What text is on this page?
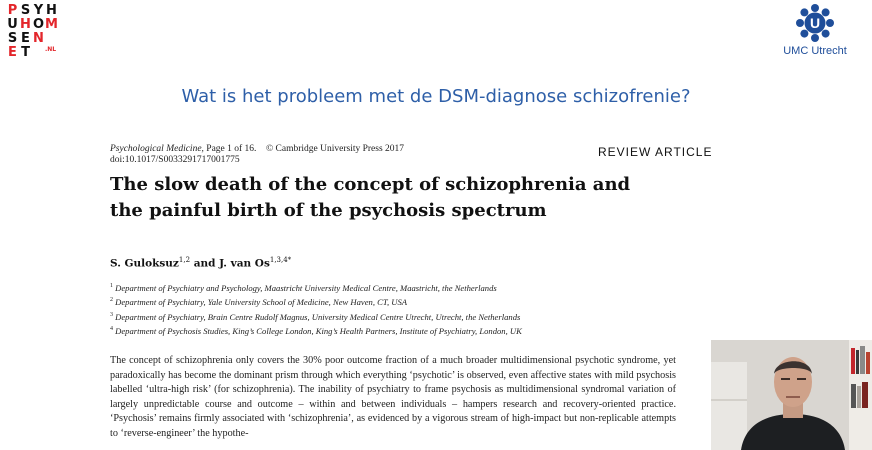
P S Y H
U H O M
S E N
E T	.NL
U
UMC Utrecht
Wat is het probleem met de DSM-diagnose schizofrenie?
Psychological Medicine, Page 1 of 16. © Cambridge University Press 2017
doi:10.1017/S0033291717001775
REVIEW ARTICLE
The slow death of the concept of schizophrenia and
the painful birth of the psychosis spectrum
S. Guloksuz$^{1,2}$ and J. van $Os^{1,3,4*}$
$^1$ Department of Psychiatry and Psychology, Maastricht University Medical Centre, Maastricht, the Netherlands
$^2$ Department of Psychiatry, Yale University School of Medicine, New Haven, CT, USA
$^3$ Department of Psychiatry, Brain Centre Rudolf Magnus, University Medical Centre Utrecht, Utrecht, the Netherlands
$^4$ Department of Psychosis Studies, King’s College London, King’s Health Partners, Institute of Psychiatry, London, UK
The concept of schizophrenia only covers the 30% poor outcome fraction of a much broader multidimensional psychotic syndrome, yet paradoxically has become the dominant prism through which everything ‘psychotic’ is observed, even affective states with mild psychosis labelled ‘ultra-high risk’ (for schizophrenia). The inability of psychiatry to frame psychosis as multidimensional syndromal variation of largely unpredictable course and outcome – within and between individuals – hampers research and recovery-oriented practice. ‘Psychosis’ remains firmly associated with ‘schizophrenia’, as evidenced by a vigorous stream of high-impact but non-replicable attempts to ‘reverse-engineer’ the hypothe-
